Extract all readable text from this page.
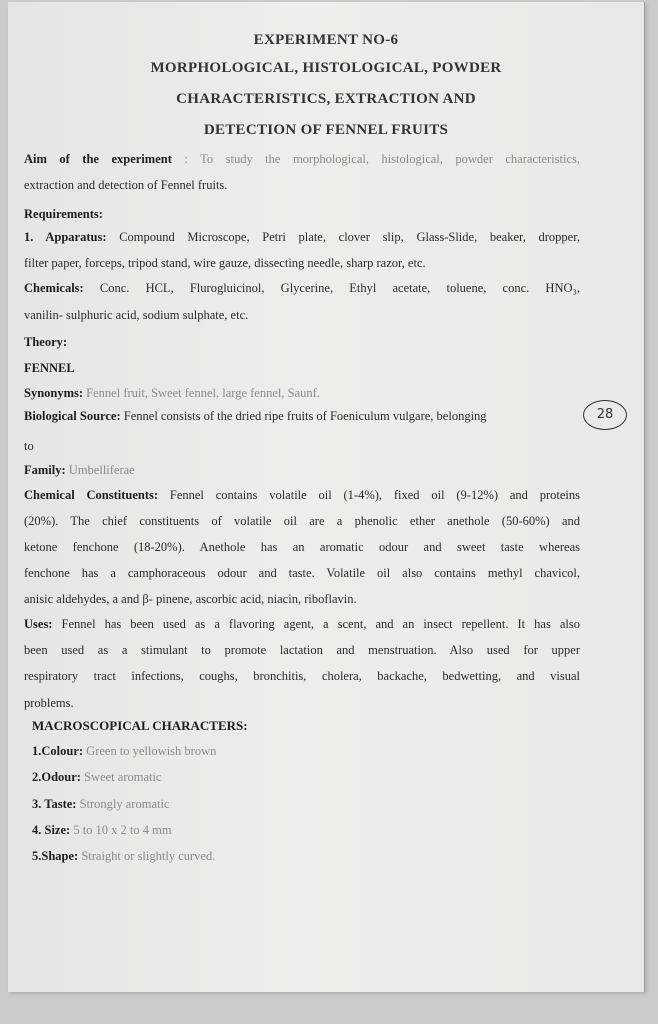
EXPERIMENT NO-6
MORPHOLOGICAL, HISTOLOGICAL, POWDER
CHARACTERISTICS, EXTRACTION AND
DETECTION OF FENNEL FRUITS
Aim of the experiment : To study the morphological, histological, powder characteristics,
extraction and detection of Fennel fruits.
Requirements:
1. Apparatus: Compound Microscope, Petri plate, clover slip, Glass-Slide, beaker, dropper,
filter paper, forceps, tripod stand, wire gauze, dissecting needle, sharp razor, etc.
Chemicals: Conc. HCL, Flurogluicinol, Glycerine, Ethyl acetate, toluene, conc. HNO₃,
vanilin- sulphuric acid, sodium sulphate, etc.
Theory:
FENNEL
Synonyms: Fennel fruit, Sweet fennel, large fennel, Saunf.
Biological Source: Fennel consists of the dried ripe fruits of Foeniculum vulgare, belonging	28
to
Family: Umbelliferae
Chemical Constituents: Fennel contains volatile oil (1-4%), fixed oil (9-12%) and proteins
(20%). The chief constituents of volatile oil are a phenolic ether anethole (50-60%) and
ketone fenchone (18-20%). Anethole has an aromatic odour and sweet taste whereas
fenchone has a camphoraceous odour and taste. Volatile oil also contains methyl chavicol,
anisic aldehydes, a and β- pinene, ascorbic acid, niacin, riboflavin.
Uses: Fennel has been used as a flavoring agent, a scent, and an insect repellent. It has also
been used as a stimulant to promote lactation and menstruation. Also used for upper
respiratory tract infections, coughs, bronchitis, cholera, backache, bedwetting, and visual
problems.
MACROSCOPICAL CHARACTERS:
1.Colour: Green to yellowish brown
2.Odour: Sweet aromatic
3. Taste: Strongly aromatic
4. Size: 5 to 10 x 2 to 4 mm
5.Shape: Straight or slightly curved.
